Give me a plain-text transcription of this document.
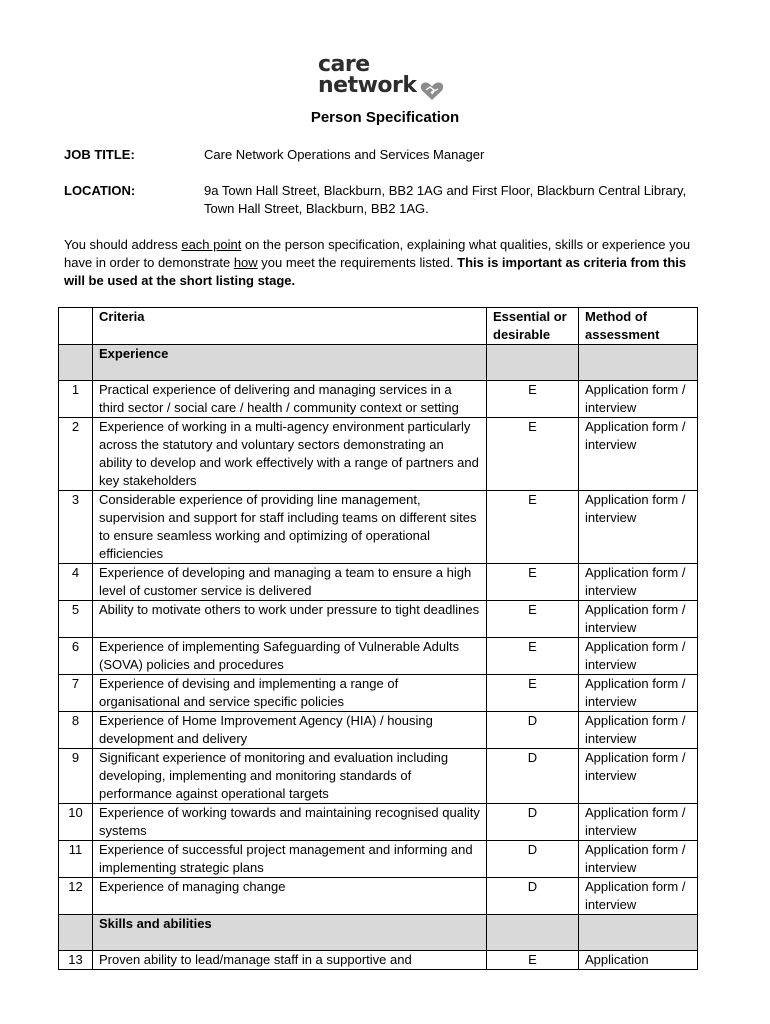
care
network
Person Specification
JOB TITLE:	Care Network Operations and Services Manager
LOCATION:	9a Town Hall Street, Blackburn, BB2 1AG and First Floor, Blackburn Central Library, Town Hall Street, Blackburn, BB2 1AG.
You should address each point on the person specification, explaining what qualities, skills or experience you have in order to demonstrate how you meet the requirements listed. This is important as criteria from this will be used at the short listing stage.
	Criteria	Essential or desirable	Method of assessment
	Experience		
1	Practical experience of delivering and managing services in a third sector / social care / health / community context or setting	E	Application form / interview
2	Experience of working in a multi-agency environment particularly across the statutory and voluntary sectors demonstrating an ability to develop and work effectively with a range of partners and key stakeholders	E	Application form / interview
3	Considerable experience of providing line management, supervision and support for staff including teams on different sites to ensure seamless working and optimizing of operational efficiencies	E	Application form / interview
4	Experience of developing and managing a team to ensure a high level of customer service is delivered	E	Application form / interview
5	Ability to motivate others to work under pressure to tight deadlines	E	Application form / interview
6	Experience of implementing Safeguarding of Vulnerable Adults (SOVA) policies and procedures	E	Application form / interview
7	Experience of devising and implementing a range of organisational and service specific policies	E	Application form / interview
8	Experience of Home Improvement Agency (HIA) / housing development and delivery	D	Application form / interview
9	Significant experience of monitoring and evaluation including developing, implementing and monitoring standards of performance against operational targets	D	Application form / interview
10	Experience of working towards and maintaining recognised quality systems	D	Application form / interview
11	Experience of successful project management and informing and implementing strategic plans	D	Application form / interview
12	Experience of managing change	D	Application form / interview
	Skills and abilities		
13	Proven ability to lead/manage staff in a supportive and	E	Application
